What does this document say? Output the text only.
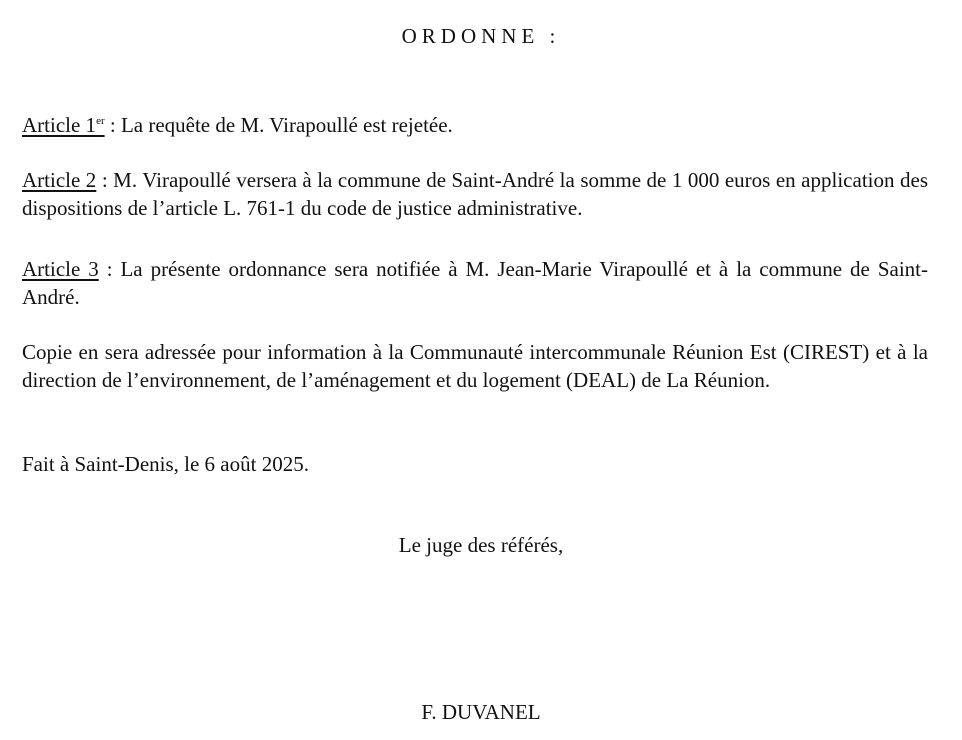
ORDONNE :
Article 1er : La requête de M. Virapoullé est rejetée.
Article 2 : M. Virapoullé versera à la commune de Saint-André la somme de 1 000 euros en application des dispositions de l’article L. 761-1 du code de justice administrative.
Article 3 : La présente ordonnance sera notifiée à M. Jean-Marie Virapoullé et à la commune de Saint-André.
Copie en sera adressée pour information à la Communauté intercommunale Réunion Est (CIREST) et à la direction de l’environnement, de l’aménagement et du logement (DEAL) de La Réunion.
Fait à Saint-Denis, le 6 août 2025.
Le juge des référés,
F. DUVANEL
